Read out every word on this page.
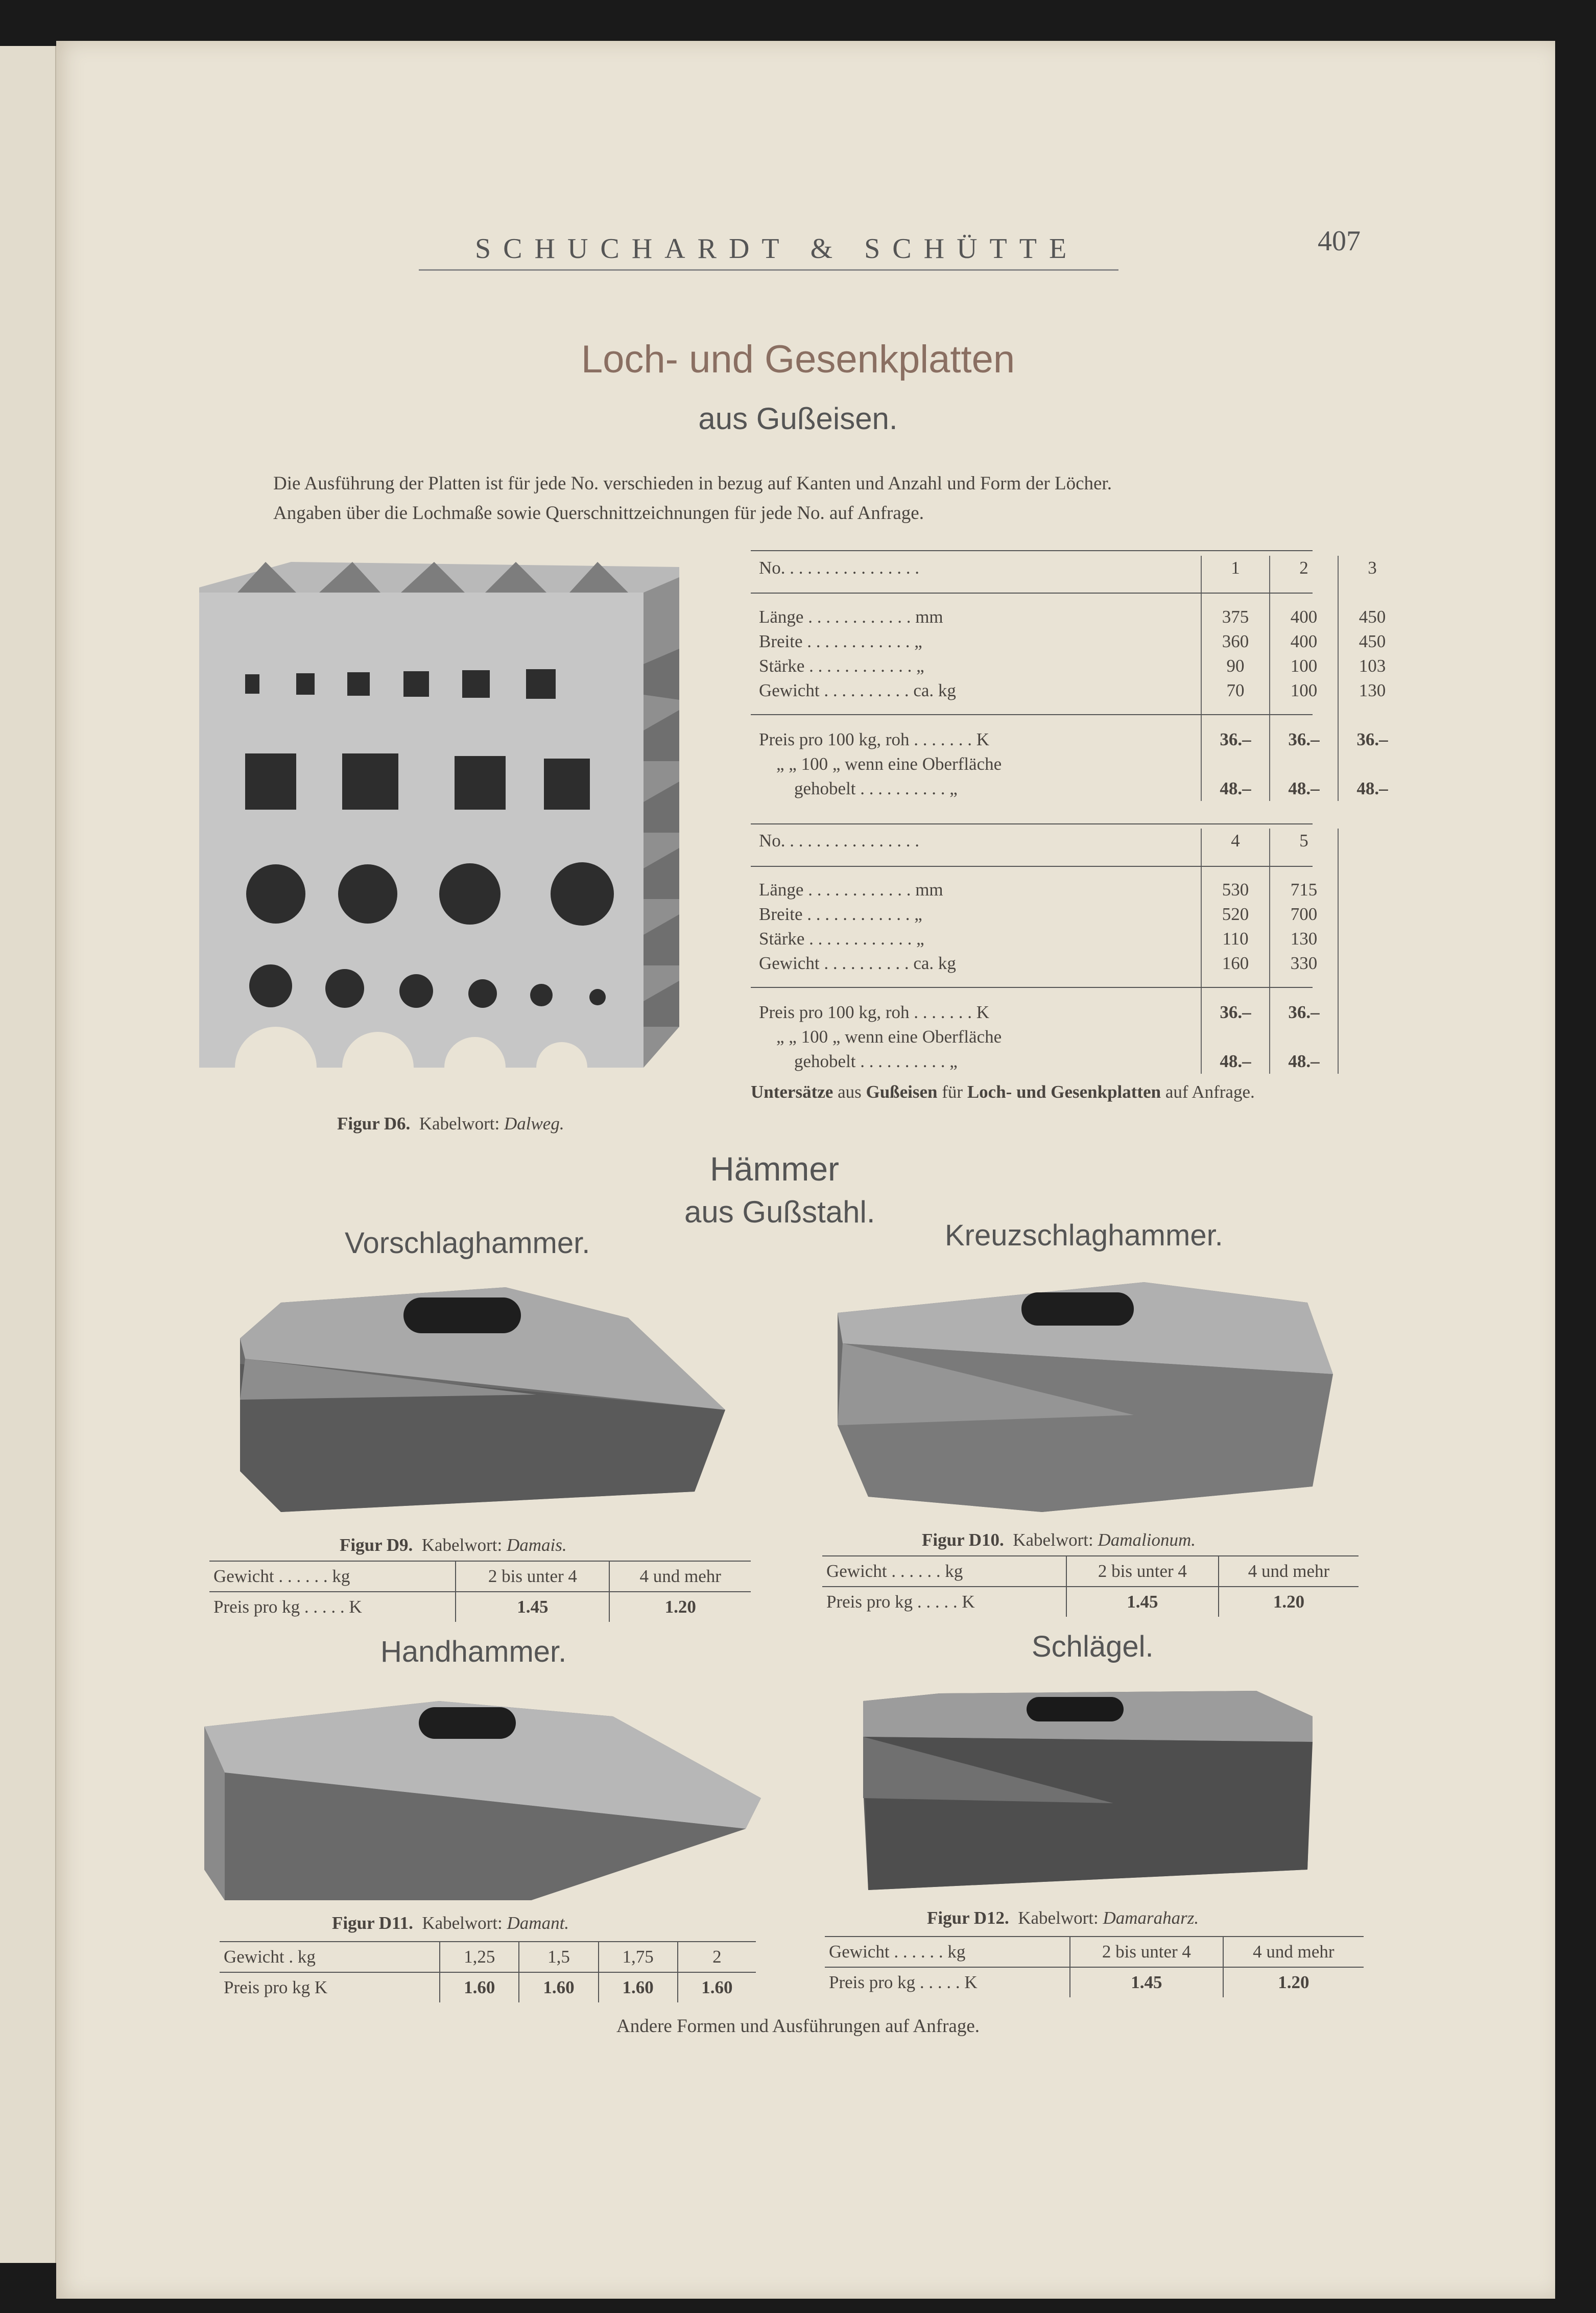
SCHUCHARDT & SCHÜTTE	407
Loch- und Gesenkplatten
aus Gußeisen.
Die Ausführung der Platten ist für jede No. verschieden in bezug auf Kanten und Anzahl und Form der Löcher.
Angaben über die Lochmaße sowie Querschnittzeichnungen für jede No. auf Anfrage.
Figur D6. Kabelwort: Dalweg.
No. . . . . . . . . . . . . . . .	1	2	3

Länge . . . . . . . . . . . . mm	375	400	450
Breite . . . . . . . . . . . . „	360	400	450
Stärke . . . . . . . . . . . . „	90	100	103
Gewicht . . . . . . . . . . ca. kg	70	100	130

Preis pro 100 kg, roh . . . . . . . K	36.–	36.–	36.–
„ „ 100 „ wenn eine Oberfläche			
gehobelt . . . . . . . . . . „	48.–	48.–	48.–
No. . . . . . . . . . . . . . . .	4	5	

Länge . . . . . . . . . . . . mm	530	715	
Breite . . . . . . . . . . . . „	520	700	
Stärke . . . . . . . . . . . . „	110	130	
Gewicht . . . . . . . . . . ca. kg	160	330	

Preis pro 100 kg, roh . . . . . . . K	36.–	36.–	
„ „ 100 „ wenn eine Oberfläche			
gehobelt . . . . . . . . . . „	48.–	48.–	
Untersätze aus Gußeisen für Loch- und Gesenkplatten auf Anfrage.
Hämmer
aus Gußstahl.
Vorschlaghammer.
Figur D9. Kabelwort: Damais.
Gewicht . . . . . . kg	2 bis unter 4	4 und mehr
Preis pro kg . . . . . K	1.45	1.20
Kreuzschlaghammer.
Figur D10. Kabelwort: Damalionum.
Gewicht . . . . . . kg	2 bis unter 4	4 und mehr
Preis pro kg . . . . . K	1.45	1.20
Handhammer.
Figur D11. Kabelwort: Damant.
Gewicht . kg	1,25	1,5	1,75	2
Preis pro kg K	1.60	1.60	1.60	1.60
Schlägel.
Figur D12. Kabelwort: Damaraharz.
Gewicht . . . . . . kg	2 bis unter 4	4 und mehr
Preis pro kg . . . . . K	1.45	1.20
Andere Formen und Ausführungen auf Anfrage.
